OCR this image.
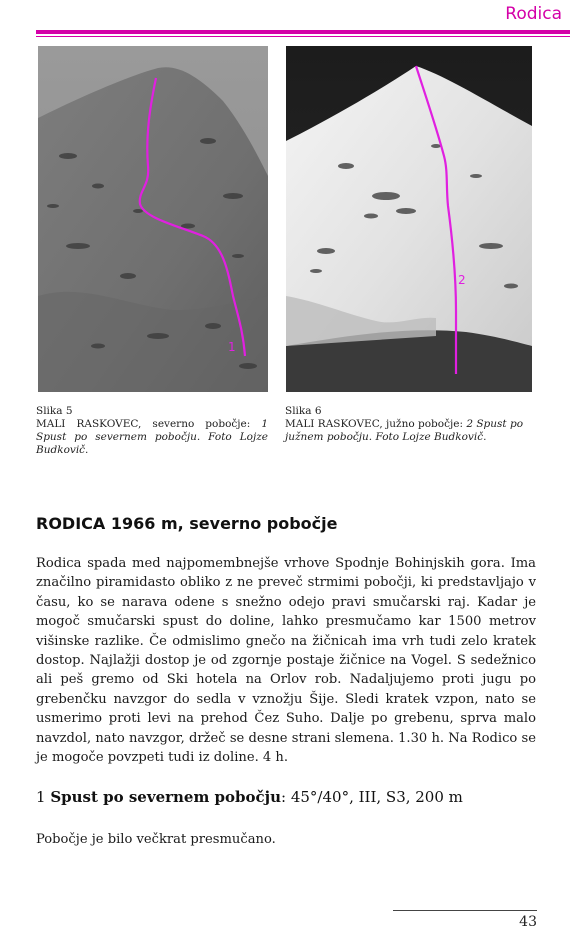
Rodica
1
2
Slika 5
MALI RASKOVEC, severno pobočje: 1 Spust po severnem pobočju. Foto Lojze Budkovič.
Slika 6
MALI RASKOVEC, južno pobočje: 2 Spust po južnem pobočju. Foto Lojze Budkovič.
RODICA 1966 m, severno pobočje
Rodica spada med najpomembnejše vrhove Spodnje Bohinjskih gora. Ima značilno piramidasto obliko z ne preveč strmimi pobočji, ki predstavljajo v času, ko se narava odene s snežno odejo pravi smučarski raj. Kadar je mogoč smučarski spust do doline, lahko presmučamo kar 1500 metrov višinske razlike. Če odmislimo gnečo na žičnicah ima vrh tudi zelo kratek dostop. Najlažji dostop je od zgornje postaje žičnice na Vogel. S sedežnico ali peš gremo od Ski hotela na Orlov rob. Nadaljujemo proti jugu po grebenčku navzgor do sedla v vznožju Šije. Sledi kratek vzpon, nato se usmerimo proti levi na prehod Čez Suho. Dalje po grebenu, sprva malo navzdol, nato navzgor, držeč se desne strani slemena. 1.30 h. Na Rodico se je mogoče povzpeti tudi iz doline. 4 h.
1 Spust po severnem pobočju: 45°/40°, III, S3, 200 m
Pobočje je bilo večkrat presmučano.
43
